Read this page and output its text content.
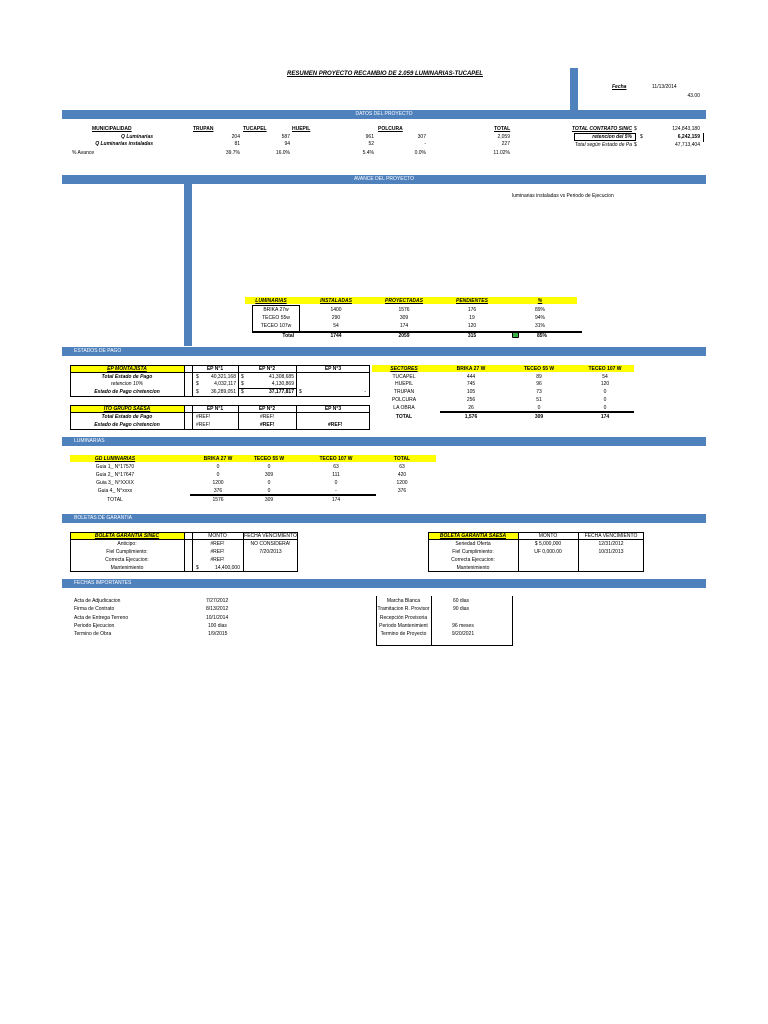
RESUMEN PROYECTO RECAMBIO DE 2.059 LUMINARIAS-TUCAPEL
Fecha	11/13/2014
43.00
DATOS DEL PROYECTO
MUNICIPALIDAD	TRUPAN	TUCAPEL	HUEPIL	POLCURA	TOTAL
Q Luminarias	204	587	961	307	2,059
Q Luminarias instaladas	81	94	52	-	227
% Avance	39.7%	16.0%	5.4%	0.0%	11.02%
TOTAL CONTRATO SINIC $	124,843,180
retencion del 5% $	6,242,159
Total según Estado de Pa $	47,713,404
AVANCE DEL PROYECTO
luminarias instaladas vs Periodo de Ejecucion
LUMINARIAS	INSTALADAS	PROYECTADAS	PENDIENTES	%
BRIKA 27w	1400	1576	176	89%
TECEO 55w	290	309	19	94%
TECEO 107w	54	174	120	31%
Total	1744	2059	315	85%
ESTADOS DE PAGO
EP MONTAJISTA	EP N°1	EP N°2	EP N°3
Total Estado de Pago	$	40,321,168 $	41,308,685
retencion 10%	$	4,032,117 $	4,130,869
Estado de Pago c/retencion	$	36,289,051 $	37,177,817 $	-
ITO GRUPO SAESA	EP N°1	EP N°2	EP N°3
Total Estado de Pago	#REF!	#REF!
Estado de Pago c/retencion	#REF!	#REF!	#REF!
SECTORES	BRIKA 27 W	TECEO 55 W	TECEO 107 W
TUCAPEL	444	89	54
HUEPIL	745	96	120
TRUPAN	105	73	0
POLCURA	256	51	0
LA OBRA	26	0	0
TOTAL	1,576	309	174
LUMINARIAS
GD LUMINARIAS	BRIKA 27 W	TECEO 55 W	TECEO 107 W	TOTAL
Guia 1_ N°17570	0	0	63	63
Guia 2_ N°17647	0	309	111	420
Guia 3_ N°XXXX	1200	0	0	1200
Guia 4_ N°xxxx	376	0	-	376
TOTAL	1576	309	174
BOLETAS DE GARANTIA
BOLETA GARANTIA SINEC	MONTO	FECHA VENCIMIENTO
Anticipo:	#REF!	NO CONSIDERA!
Fiel Cumplimiento:	#REF!	7/20/2013
Correcta Ejecucion:	#REF!
Mantenimiento	$	14,400,000
BOLETA GARANTIA SAESA	MONTO	FECHA VENCIMIENTO
Seriedad Oferta	$ 5,000,000	12/31/2012
Fiel Cumplimiento:	UF 0,000.00	10/31/2013
Correcta Ejecucion:
Mantenimiento
FECHAS IMPORTANTES
Acta de Adjudicacion	7/27/2012
Firma de Contrato	8/13/2012
Acta de Entrega Terreno	10/1/2014
Periodo Ejecucion	100 dias
Termino de Obra	1/9/2015
Marcha Blanca	60 dias
Tramitacion R. Provisor	90 dias
Recepción Provisoria
Periodo Mantenimient	96 meses
Termino de Proyecto	9/20/2021
